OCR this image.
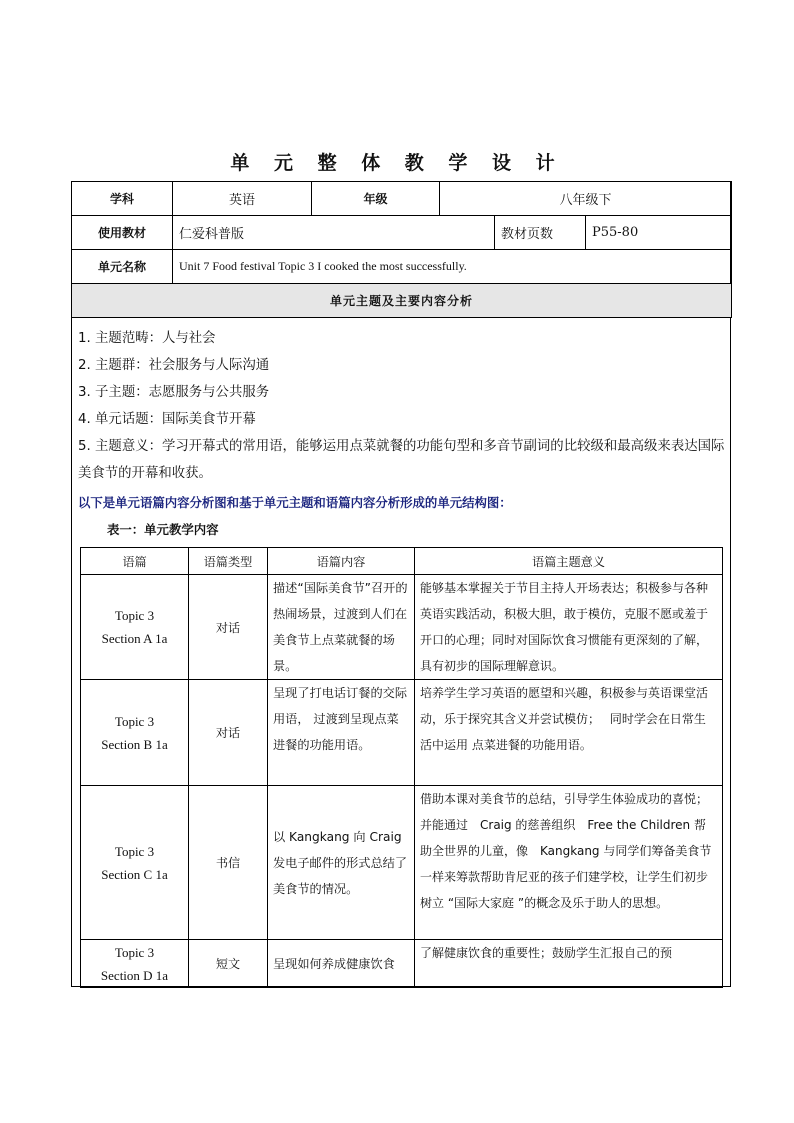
单 元 整 体 教 学 设 计
学科	英语	年级	八年级下		
使用教材	仁爱科普版			教材页数	P55-80
单元名称	Unit 7 Food festival Topic 3 I cooked the most successfully.				
单元主题及主要内容分析					

1. 主题范畴：人与社会

2. 主题群：社会服务与人际沟通

3. 子主题：志愿服务与公共服务

4. 单元话题：国际美食节开幕

5. 主题意义：学习开幕式的常用语，能够运用点菜就餐的功能句型和多音节副词的比较级和最高级来表达国际美食节的开幕和收获。

以下是单元语篇内容分析图和基于单元主题和语篇内容分析形成的单元结构图：
表一：单元教学内容
语篇	语篇类型	语篇内容	语篇主题意义

Topic 3
Section A 1a	对话	描述“国际美食节”召开的热闹场景，过渡到人们在美食节上点菜就餐的场景。	能够基本掌握关于节目主持人开场表达；积极参与各种英语实践活动，积极大胆，敢于模仿，克服不愿或羞于开口的心理；同时对国际饮食习惯能有更深刻的了解，具有初步的国际理解意识。

Topic 3
Section B 1a	对话	呈现了打电话订餐的交际用语， 过渡到呈现点菜进餐的功能用语。	培养学生学习英语的愿望和兴趣，积极参与英语课堂活动，乐于探究其含义并尝试模仿；　 同时学会在日常生活中运用 点菜进餐的功能用语。

Topic 3
Section C 1a	书信	以 Kangkang 向 Craig 发电子邮件的形式总结了美食节的情况。	借助本课对美食节的总结，引导学生体验成功的喜悦；并能通过　Craig 的慈善组织　Free the Children 帮助全世界的儿童，像　Kangkang 与同学们筹备美食节一样来筹款帮助肯尼亚的孩子们建学校，让学生们初步树立 “国际大家庭 ”的概念及乐于助人的思想。

Topic 3
Section D 1a	短文	呈现如何养成健康饮食	了解健康饮食的重要性；鼓励学生汇报自己的预
